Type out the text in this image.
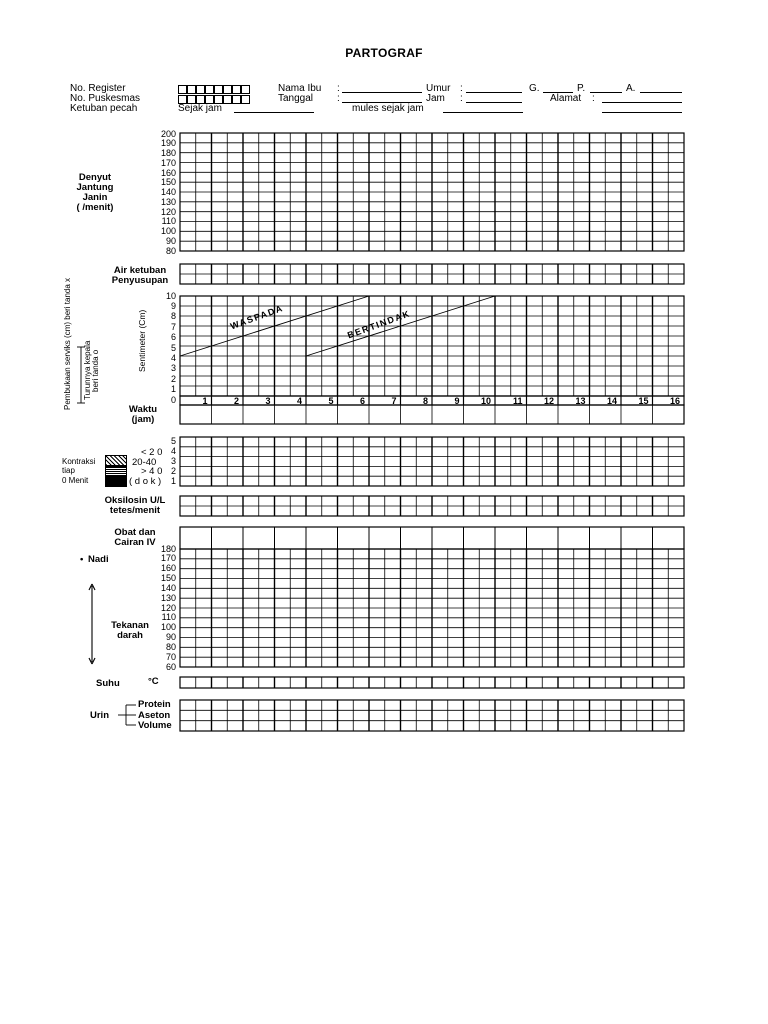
PARTOGRAF
No. Register
No. Puskesmas
Ketuban pecah	Sejak jam
Nama Ibu :
Tanggal :
mules sejak jam
Umur :
Jam :
G.	P.	A.
Alamat :
Denyut
Jantung
Janin
( /menit)
Air ketuban
Penyusupan
Pembukaan serviks (cm) beri tanda x Turunnya kepala beri tanda o	Sentimeter (Cm)
Waktu
(jam)
Kontraksi
tiap
0 Menit
< 2 0
20-40
> 4 0
( d o k )
Oksilosin U/L
tetes/menit
Obat dan
Cairan IV
• Nadi
Tekanan
darah
Suhu	°C
Urin
Protein
Aseton
Volume
200
190
180
170
160
150
140
130
120
110
100
90
80
10
9
8
7
6
5
4
3
2
1
0
5
4
3
2
1
180
170
160
150
140
130
120
110
100
90
80
70
60
1	2	3	4	5	6	7	8	9 10 11 12 13 14 15 16
WASPADA	BERTINDAK
